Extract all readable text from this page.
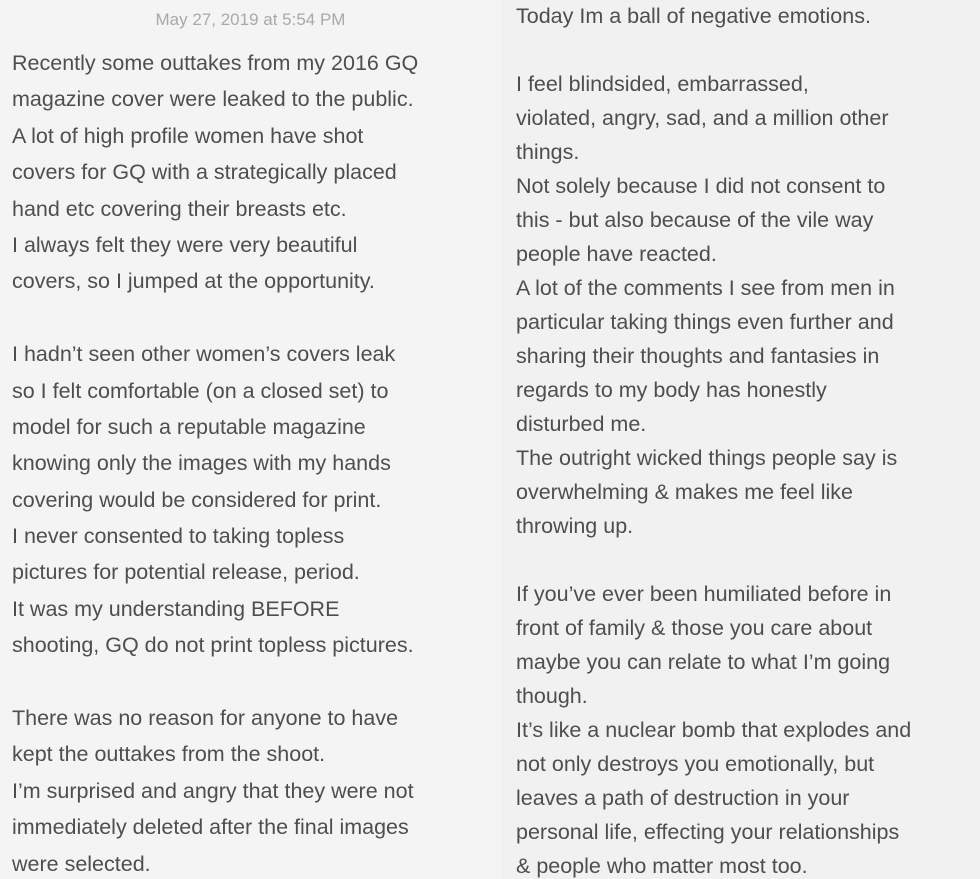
May 27, 2019 at 5:54 PM
Recently some outtakes from my 2016 GQ
magazine cover were leaked to the public.
A lot of high profile women have shot
covers for GQ with a strategically placed
hand etc covering their breasts etc.
I always felt they were very beautiful
covers, so I jumped at the opportunity.
I hadn’t seen other women’s covers leak
so I felt comfortable (on a closed set) to
model for such a reputable magazine
knowing only the images with my hands
covering would be considered for print.
I never consented to taking topless
pictures for potential release, period.
It was my understanding BEFORE
shooting, GQ do not print topless pictures.
There was no reason for anyone to have
kept the outtakes from the shoot.
I’m surprised and angry that they were not
immediately deleted after the final images
were selected.
Today Im a ball of negative emotions.
I feel blindsided, embarrassed,
violated, angry, sad, and a million other
things.
Not solely because I did not consent to
this - but also because of the vile way
people have reacted.
A lot of the comments I see from men in
particular taking things even further and
sharing their thoughts and fantasies in
regards to my body has honestly
disturbed me.
The outright wicked things people say is
overwhelming & makes me feel like
throwing up.
If you’ve ever been humiliated before in
front of family & those you care about
maybe you can relate to what I’m going
though.
It’s like a nuclear bomb that explodes and
not only destroys you emotionally, but
leaves a path of destruction in your
personal life, effecting your relationships
& people who matter most too.
